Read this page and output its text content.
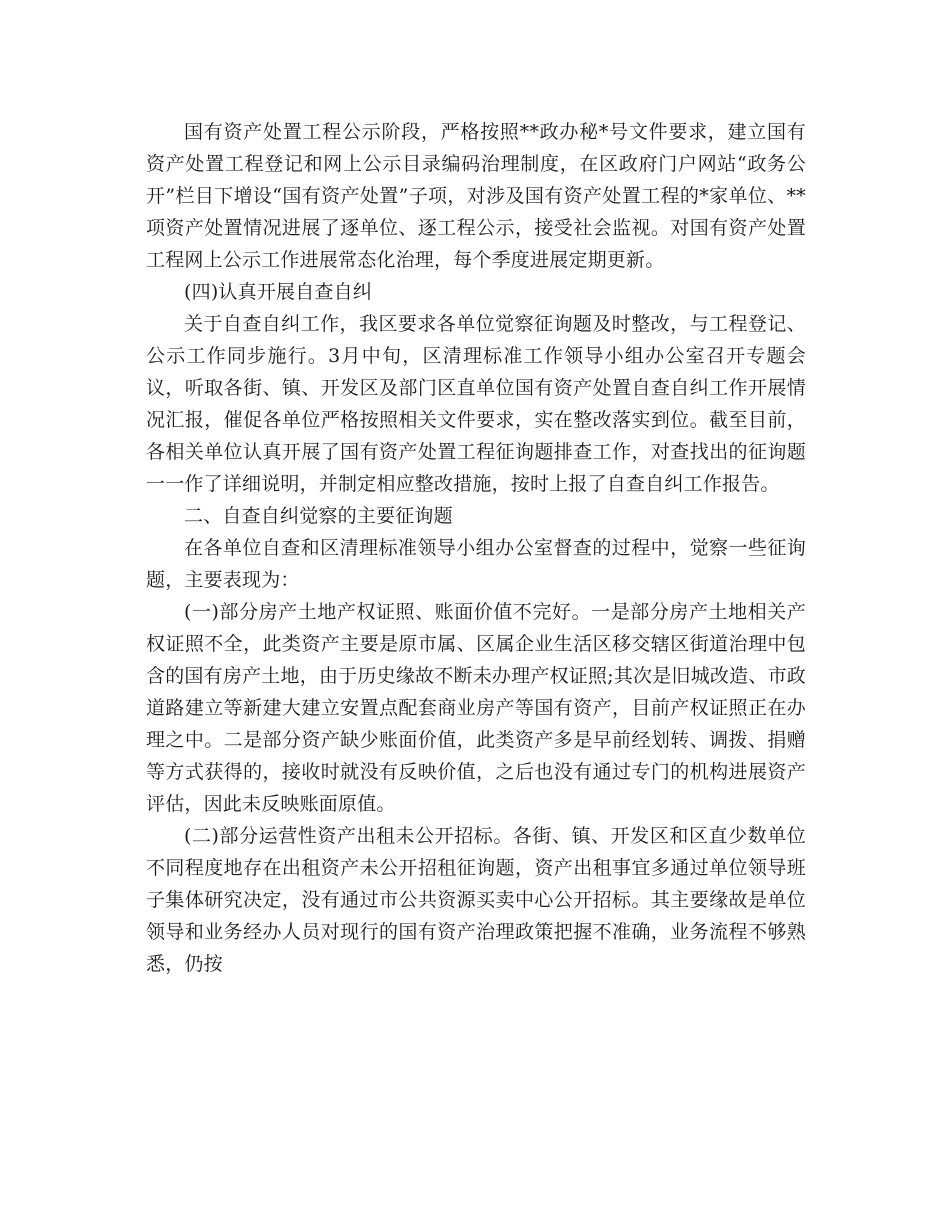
国有资产处置工程公示阶段，严格按照**政办秘*号文件要求，建立国有资产处置工程登记和网上公示目录编码治理制度，在区政府门户网站“政务公开”栏目下增设“国有资产处置”子项，对涉及国有资产处置工程的*家单位、**项资产处置情况进展了逐单位、逐工程公示，接受社会监视。对国有资产处置工程网上公示工作进展常态化治理，每个季度进展定期更新。

(四)认真开展自查自纠

关于自查自纠工作，我区要求各单位觉察征询题及时整改，与工程登记、公示工作同步施行。3月中旬，区清理标准工作领导小组办公室召开专题会议，听取各街、镇、开发区及部门区直单位国有资产处置自查自纠工作开展情况汇报，催促各单位严格按照相关文件要求，实在整改落实到位。截至目前，各相关单位认真开展了国有资产处置工程征询题排查工作，对查找出的征询题一一作了详细说明，并制定相应整改措施，按时上报了自查自纠工作报告。

二、自查自纠觉察的主要征询题

在各单位自查和区清理标准领导小组办公室督查的过程中，觉察一些征询题，主要表现为：

(一)部分房产土地产权证照、账面价值不完好。一是部分房产土地相关产权证照不全，此类资产主要是原市属、区属企业生活区移交辖区街道治理中包含的国有房产土地，由于历史缘故不断未办理产权证照;其次是旧城改造、市政道路建立等新建大建立安置点配套商业房产等国有资产，目前产权证照正在办理之中。二是部分资产缺少账面价值，此类资产多是早前经划转、调拨、捐赠等方式获得的，接收时就没有反映价值，之后也没有通过专门的机构进展资产评估，因此未反映账面原值。

(二)部分运营性资产出租未公开招标。各街、镇、开发区和区直少数单位不同程度地存在出租资产未公开招租征询题，资产出租事宜多通过单位领导班子集体研究决定，没有通过市公共资源买卖中心公开招标。其主要缘故是单位领导和业务经办人员对现行的国有资产治理政策把握不准确，业务流程不够熟悉，仍按
